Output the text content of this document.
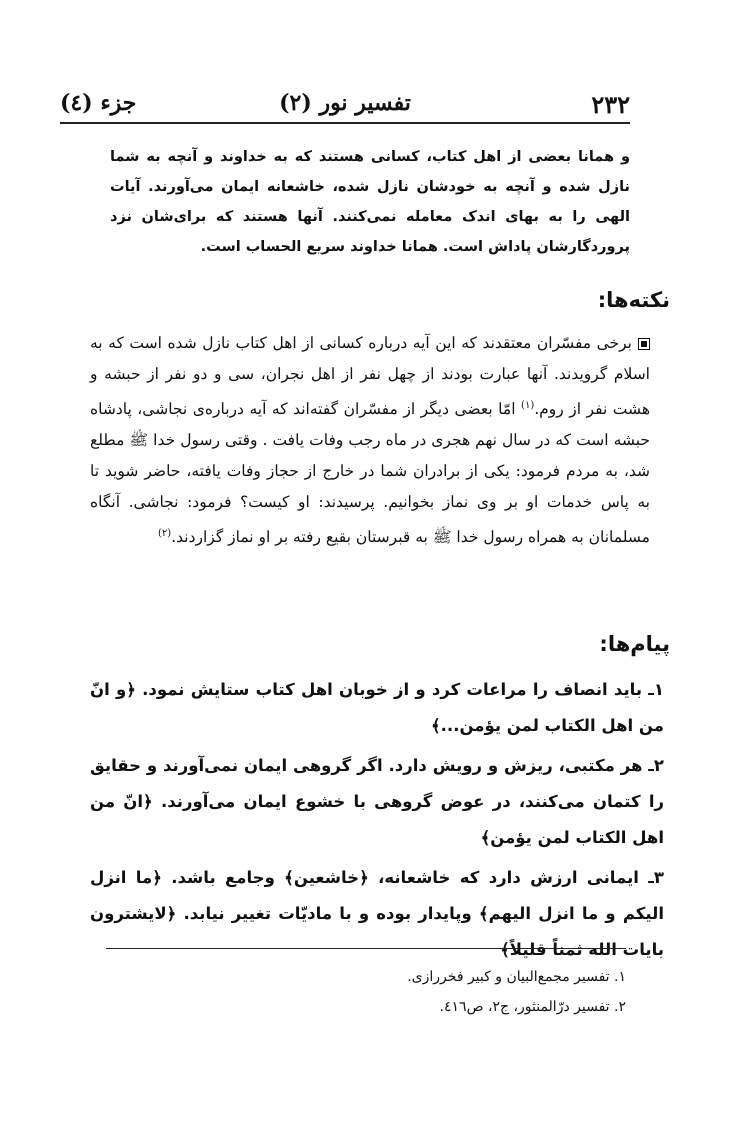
۲۳۲
تفسیر نور (۲)
جزء (٤)
و همانا بعضى از اهل كتاب، كسانى هستند كه به خداوند و آنچه به شما نازل شده و آنچه به خودشان نازل شده، خاشعانه ايمان مى‌آورند. آيات الهى را به بهاى اندک معامله نمى‌كنند. آنها هستند كه براى‌شان نزد پروردگارشان پاداش است. همانا خداوند سريع الحساب است.
نکته‌ها:
برخى مفسّران معتقدند كه اين آيه درباره كسانى از اهل كتاب نازل شده است كه به اسلام گرويدند. آنها عبارت بودند از چهل نفر از اهل نجران، سى و دو نفر از حبشه و هشت نفر از روم.$^{(۱)}$ امّا بعضى ديگر از مفسّران گفته‌اند كه آيه درباره‌ى نجاشى، پادشاه حبشه است كه در سال نهم هجرى در ماه رجب وفات يافت . وقتى رسول خدا ﷺ مطلع شد، به مردم فرمود: يكى از برادران شما در خارج از حجاز وفات يافته، حاضر شويد تا به پاس خدمات او بر وى نماز بخوانيم. پرسيدند: او كيست؟ فرمود: نجاشى. آنگاه مسلمانان به همراه رسول خدا ﷺ به قبرستان بقيع رفته بر او نماز گزاردند.$^{(۲)}$
پیام‌ها:

۱ـ بايد انصاف را مراعات كرد و از خوبان اهل كتاب ستايش نمود. ﴿و انّ من اهل الكتاب لمن يؤمن...﴾

۲ـ هر مكتبى، ريزش و رويش دارد. اگر گروهى ايمان نمى‌آورند و حقايق را كتمان مى‌كنند، در عوض گروهى با خشوع ايمان مى‌آورند. ﴿انّ من اهل الكتاب لمن يؤمن﴾

۳ـ ايمانى ارزش دارد كه خاشعانه، ﴿خاشعين﴾ وجامع باشد. ﴿ما انزل اليكم و ما انزل اليهم﴾ وپايدار بوده و با ماديّات تغيير نيابد. ﴿لايشترون بايات الله ثمناً قليلاً﴾

۱. تفسير مجمع‌البيان و كبير فخررازى.
۲. تفسير درّالمنثور، ج۲، ص٤١٦.
